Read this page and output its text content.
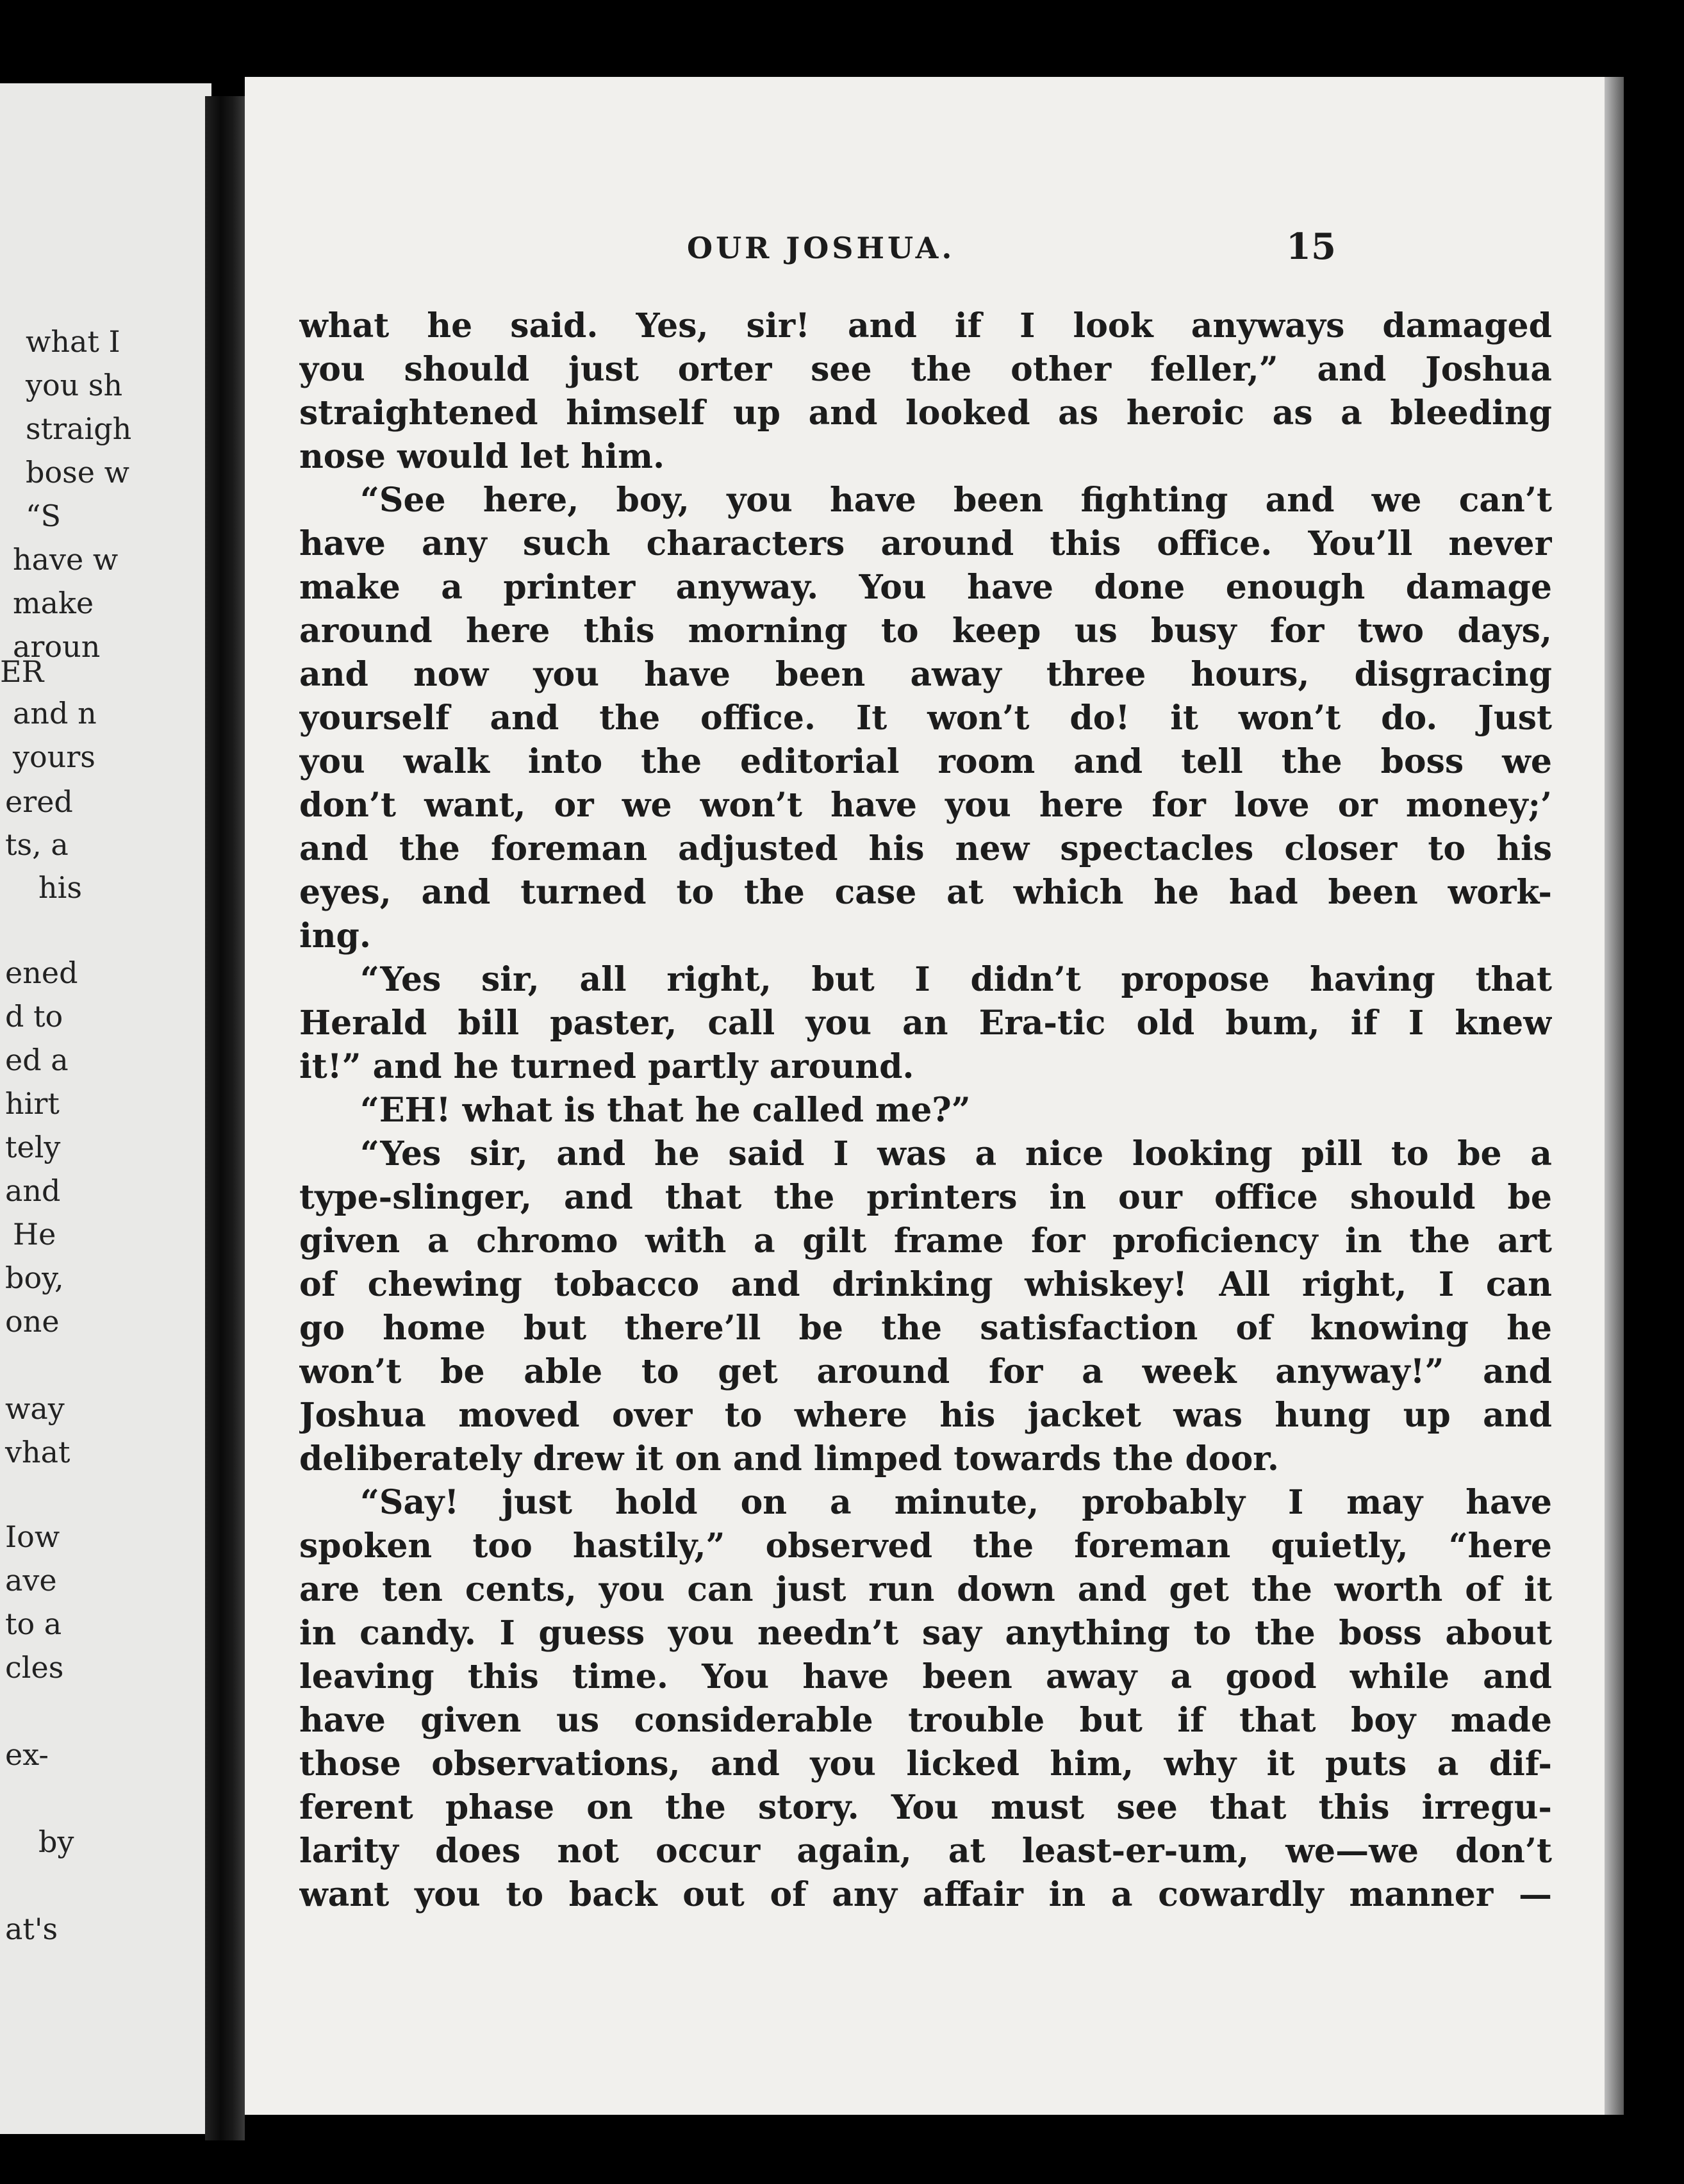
what I
you sh
straigh
bose w
“S
have w
make
aroun
ER
and n
yours
ered
ts, a
his
ened
d to
ed a
hirt
tely
and
He
boy,
one
way
vhat
Iow
ave
to a
cles
ex-
by
at's
OUR JOSHUA.	15
what he said. Yes, sir! and if I look anyways damaged
you should just orter see the other feller,” and Joshua
straightened himself up and looked as heroic as a bleeding
nose would let him.
“See here, boy, you have been fighting and we can’t
have any such characters around this office. You’ll never
make a printer anyway. You have done enough damage
around here this morning to keep us busy for two days,
and now you have been away three hours, disgracing
yourself and the office. It won’t do! it won’t do. Just
you walk into the editorial room and tell the boss we
don’t want, or we won’t have you here for love or money;’
and the foreman adjusted his new spectacles closer to his
eyes, and turned to the case at which he had been work-
ing.
“Yes sir, all right, but I didn’t propose having that
Herald bill paster, call you an Era-tic old bum, if I knew
it!” and he turned partly around.
“EH! what is that he called me?”
“Yes sir, and he said I was a nice looking pill to be a
type-slinger, and that the printers in our office should be
given a chromo with a gilt frame for proficiency in the art
of chewing tobacco and drinking whiskey! All right, I can
go home but there’ll be the satisfaction of knowing he
won’t be able to get around for a week anyway!” and
Joshua moved over to where his jacket was hung up and
deliberately drew it on and limped towards the door.
“Say! just hold on a minute, probably I may have
spoken too hastily,” observed the foreman quietly, “here
are ten cents, you can just run down and get the worth of it
in candy. I guess you needn’t say anything to the boss about
leaving this time. You have been away a good while and
have given us considerable trouble but if that boy made
those observations, and you licked him, why it puts a dif-
ferent phase on the story. You must see that this irregu-
larity does not occur again, at least-er-um, we—we don’t
want you to back out of any affair in a cowardly manner —
